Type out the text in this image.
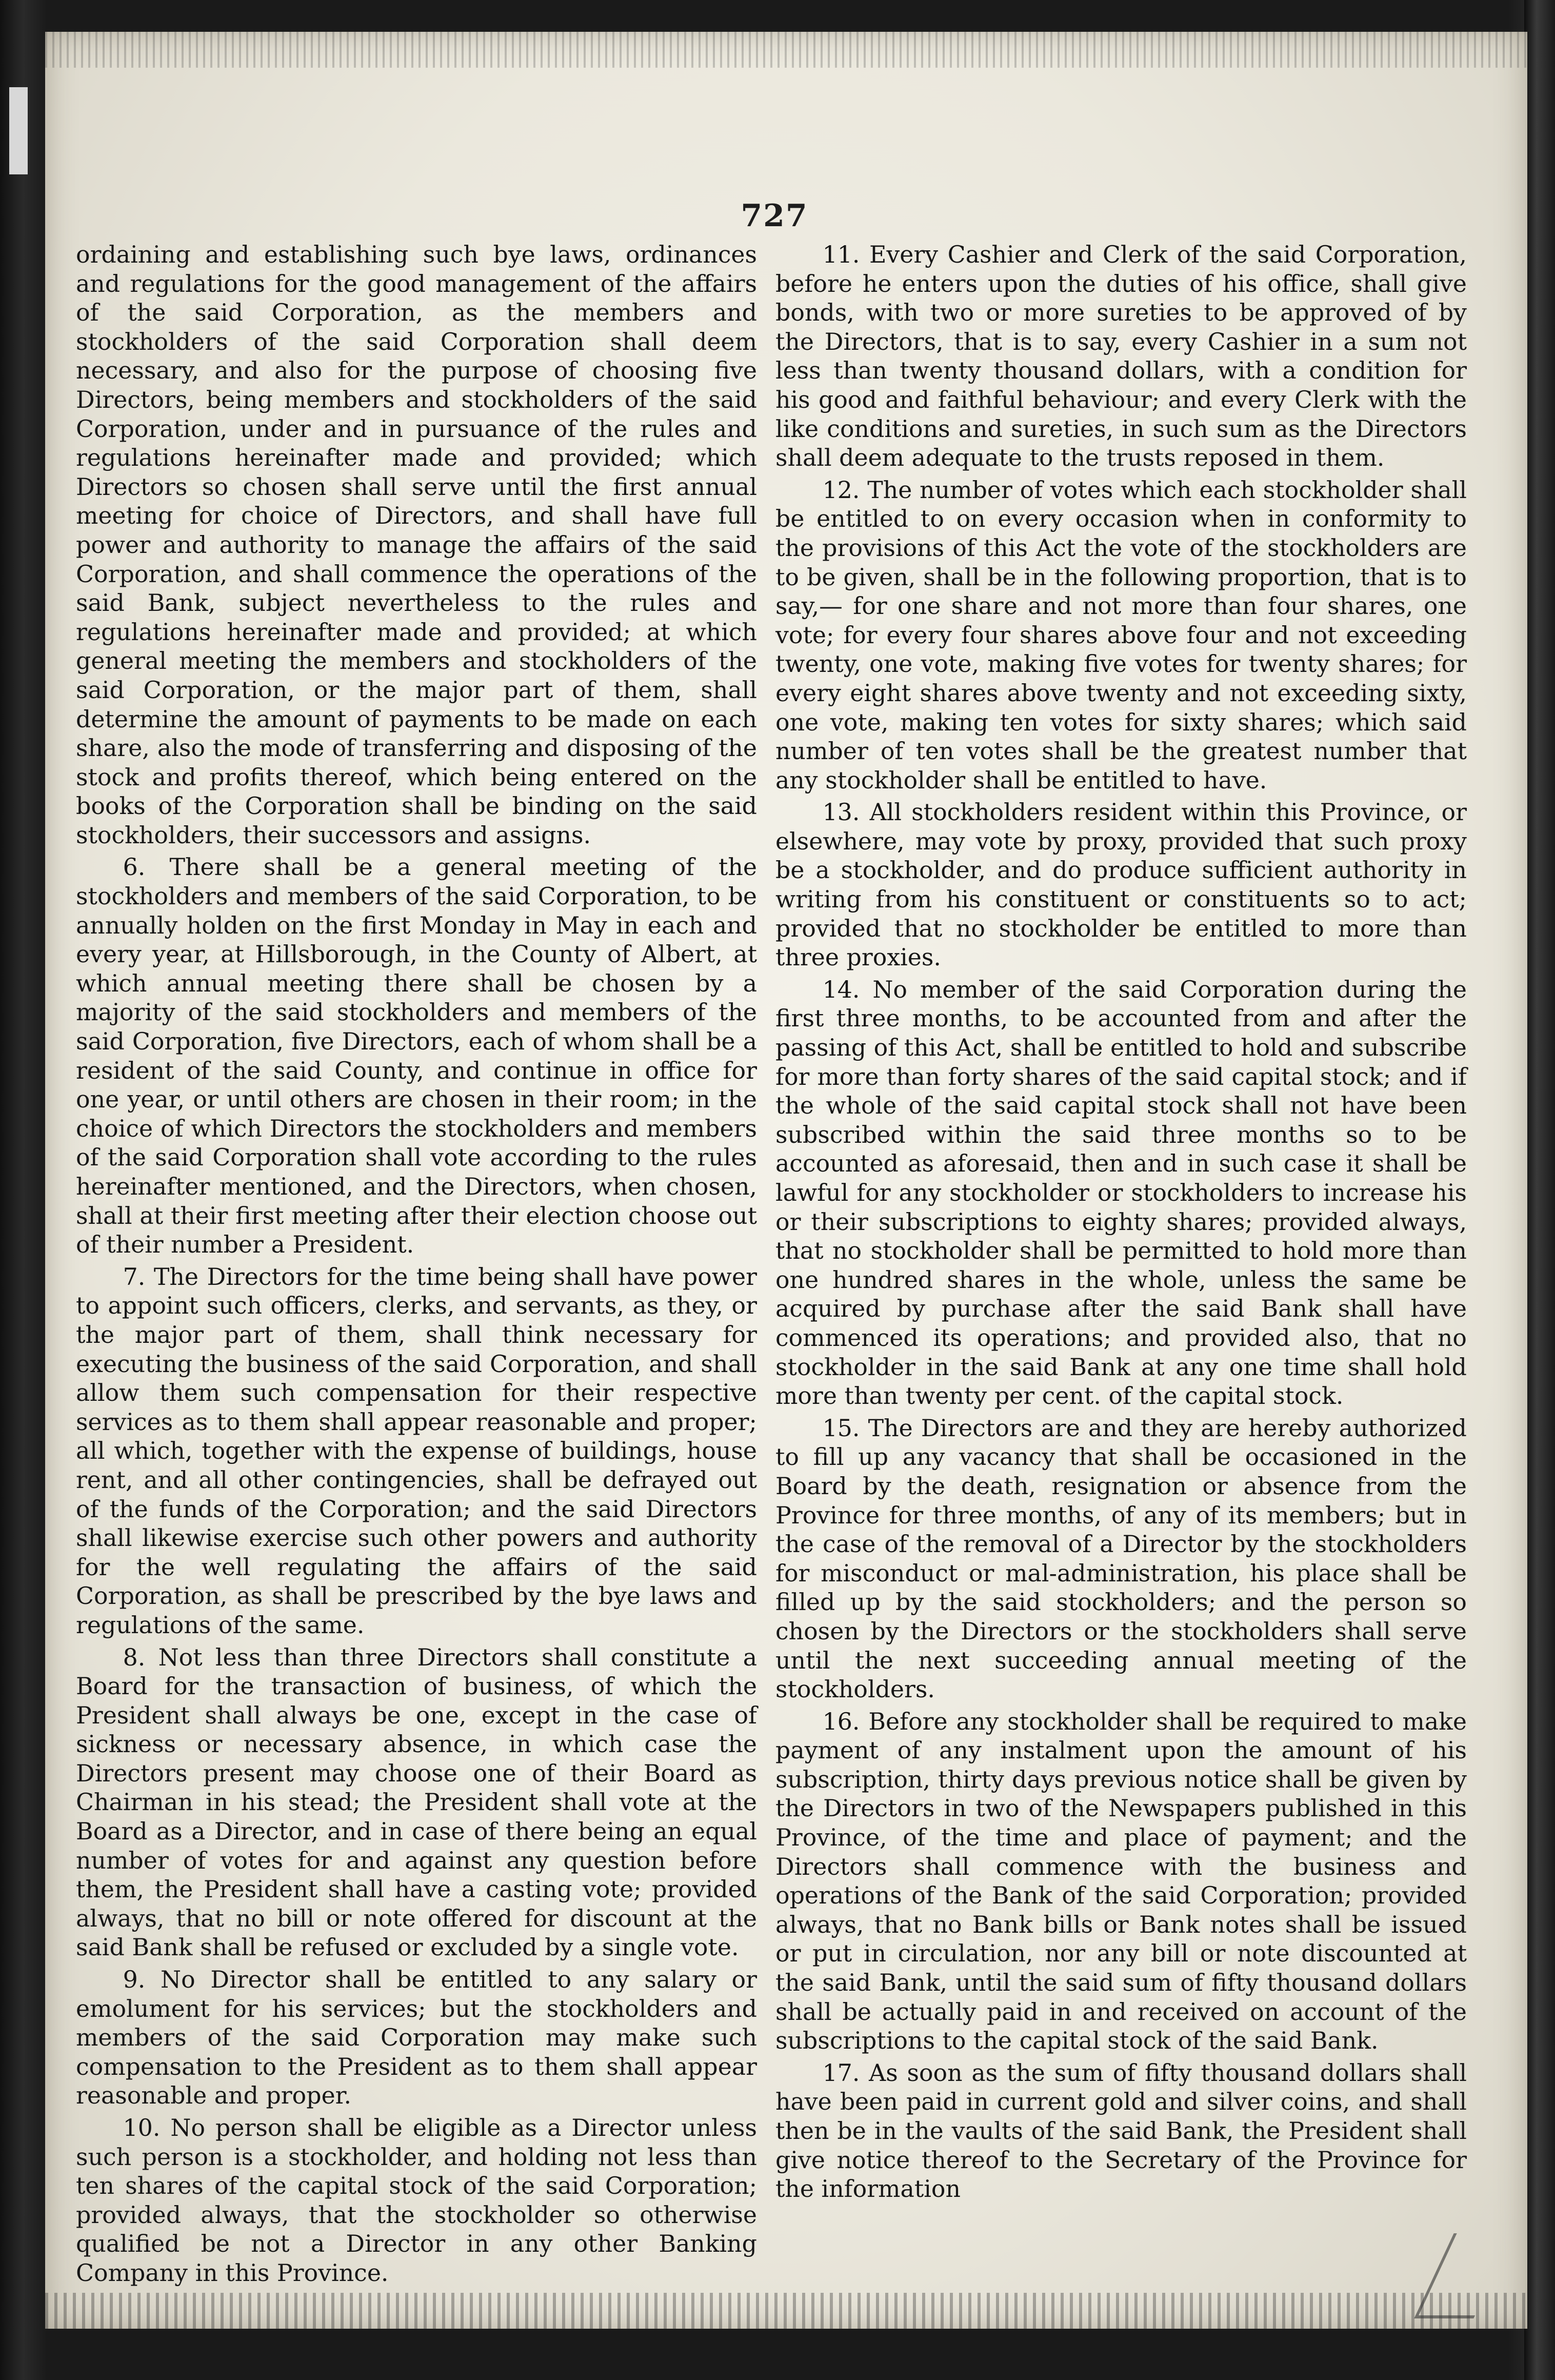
727

ordaining and establishing such bye laws, ordinances and regulations for the good management of the affairs of the said Corporation, as the members and stockholders of the said Corporation shall deem necessary, and also for the purpose of choosing five Directors, being members and stockholders of the said Corporation, under and in pursuance of the rules and regulations hereinafter made and provided; which Directors so chosen shall serve until the first annual meeting for choice of Directors, and shall have full power and authority to manage the affairs of the said Corporation, and shall commence the operations of the said Bank, subject nevertheless to the rules and regulations hereinafter made and provided; at which general meeting the members and stockholders of the said Corporation, or the major part of them, shall determine the amount of payments to be made on each share, also the mode of transferring and disposing of the stock and profits thereof, which being entered on the books of the Corporation shall be binding on the said stockholders, their successors and assigns.

6. There shall be a general meeting of the stockholders and members of the said Corporation, to be annually holden on the first Monday in May in each and every year, at Hillsborough, in the County of Albert, at which annual meeting there shall be chosen by a majority of the said stockholders and members of the said Corporation, five Directors, each of whom shall be a resident of the said County, and continue in office for one year, or until others are chosen in their room; in the choice of which Directors the stockholders and members of the said Corporation shall vote according to the rules hereinafter mentioned, and the Directors, when chosen, shall at their first meeting after their election choose out of their number a President.

7. The Directors for the time being shall have power to appoint such officers, clerks, and servants, as they, or the major part of them, shall think necessary for executing the business of the said Corporation, and shall allow them such compensation for their respective services as to them shall appear reasonable and proper; all which, together with the expense of buildings, house rent, and all other contingencies, shall be defrayed out of the funds of the Corporation; and the said Directors shall likewise exercise such other powers and authority for the well regulating the affairs of the said Corporation, as shall be prescribed by the bye laws and regulations of the same.

8. Not less than three Directors shall constitute a Board for the transaction of business, of which the President shall always be one, except in the case of sickness or necessary absence, in which case the Directors present may choose one of their Board as Chairman in his stead; the President shall vote at the Board as a Director, and in case of there being an equal number of votes for and against any question before them, the President shall have a casting vote; provided always, that no bill or note offered for discount at the said Bank shall be refused or excluded by a single vote.

9. No Director shall be entitled to any salary or emolument for his services; but the stockholders and members of the said Corporation may make such compensation to the President as to them shall appear reasonable and proper.

10. No person shall be eligible as a Director unless such person is a stockholder, and holding not less than ten shares of the capital stock of the said Corporation; provided always, that the stockholder so otherwise qualified be not a Director in any other Banking Company in this Province.

11. Every Cashier and Clerk of the said Corporation, before he enters upon the duties of his office, shall give bonds, with two or more sureties to be approved of by the Directors, that is to say, every Cashier in a sum not less than twenty thousand dollars, with a condition for his good and faithful behaviour; and every Clerk with the like conditions and sureties, in such sum as the Directors shall deem adequate to the trusts reposed in them.

12. The number of votes which each stockholder shall be entitled to on every occasion when in conformity to the provisions of this Act the vote of the stockholders are to be given, shall be in the following proportion, that is to say,— for one share and not more than four shares, one vote; for every four shares above four and not exceeding twenty, one vote, making five votes for twenty shares; for every eight shares above twenty and not exceeding sixty, one vote, making ten votes for sixty shares; which said number of ten votes shall be the greatest number that any stockholder shall be entitled to have.

13. All stockholders resident within this Province, or elsewhere, may vote by proxy, provided that such proxy be a stockholder, and do produce sufficient authority in writing from his constituent or constituents so to act; provided that no stockholder be entitled to more than three proxies.

14. No member of the said Corporation during the first three months, to be accounted from and after the passing of this Act, shall be entitled to hold and subscribe for more than forty shares of the said capital stock; and if the whole of the said capital stock shall not have been subscribed within the said three months so to be accounted as aforesaid, then and in such case it shall be lawful for any stockholder or stockholders to increase his or their subscriptions to eighty shares; provided always, that no stockholder shall be permitted to hold more than one hundred shares in the whole, unless the same be acquired by purchase after the said Bank shall have commenced its operations; and provided also, that no stockholder in the said Bank at any one time shall hold more than twenty per cent. of the capital stock.

15. The Directors are and they are hereby authorized to fill up any vacancy that shall be occasioned in the Board by the death, resignation or absence from the Province for three months, of any of its members; but in the case of the removal of a Director by the stockholders for misconduct or mal-administration, his place shall be filled up by the said stockholders; and the person so chosen by the Directors or the stockholders shall serve until the next succeeding annual meeting of the stockholders.

16. Before any stockholder shall be required to make payment of any instalment upon the amount of his subscription, thirty days previous notice shall be given by the Directors in two of the Newspapers published in this Province, of the time and place of payment; and the Directors shall commence with the business and operations of the Bank of the said Corporation; provided always, that no Bank bills or Bank notes shall be issued or put in circulation, nor any bill or note discounted at the said Bank, until the said sum of fifty thousand dollars shall be actually paid in and received on account of the subscriptions to the capital stock of the said Bank.

17. As soon as the sum of fifty thousand dollars shall have been paid in current gold and silver coins, and shall then be in the vaults of the said Bank, the President shall give notice thereof to the Secretary of the Province for the information
